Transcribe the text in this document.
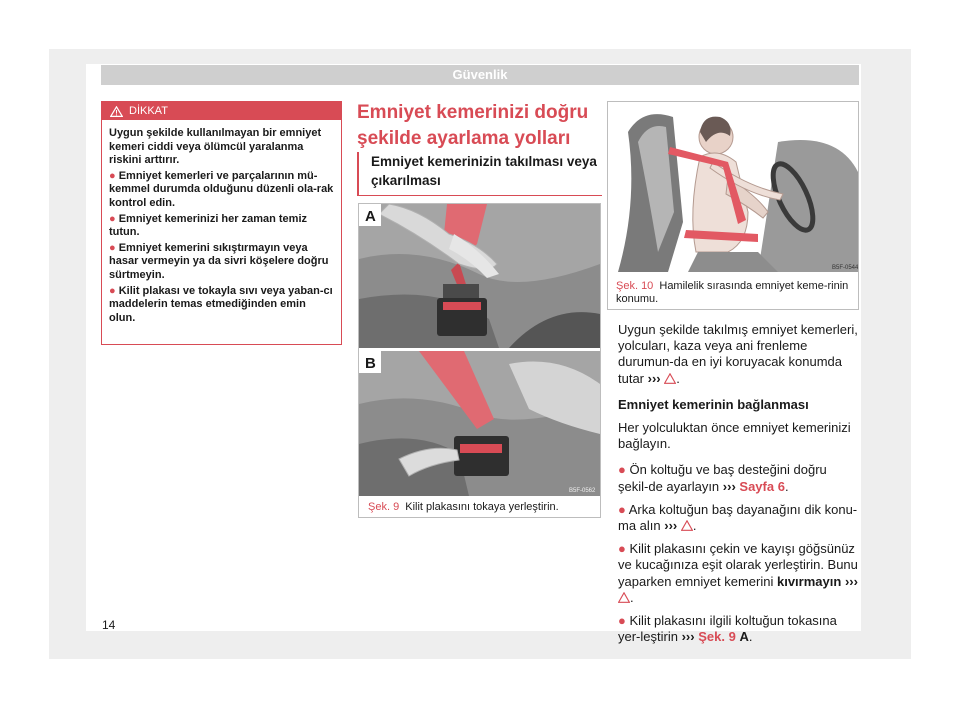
Güvenlik
DİKKAT

Uygun şekilde kullanılmayan bir emniyet kemeri ciddi veya ölümcül yaralanma riskini arttırır.

● Emniyet kemerleri ve parçalarının mü-kemmel durumda olduğunu düzenli ola-rak kontrol edin.

● Emniyet kemerinizi her zaman temiz tutun.

● Emniyet kemerini sıkıştırmayın veya hasar vermeyin ya da sivri köşelere doğru sürtmeyin.

● Kilit plakası ve tokayla sıvı veya yaban-cı maddelerin temas etmediğinden emin olun.

Emniyet kemerinizi doğru şekilde ayarlama yolları
Emniyet kemerinizin takılması veya çıkarılması
A
B
B5F-0562
Şek. 9 Kilit plakasını tokaya yerleştirin.
B5F-0544
Şek. 10 Hamilelik sırasında emniyet keme-rinin konumu.

Uygun şekilde takılmış emniyet kemerleri, yolcuları, kaza veya ani frenleme durumun-da en iyi koruyacak konumda tutar ››› .

Emniyet kemerinin bağlanması

Her yolculuktan önce emniyet kemerinizi bağlayın.

● Ön koltuğu ve baş desteğini doğru şekil-de ayarlayın ››› Sayfa 6.

● Arka koltuğun baş dayanağını dik konu-ma alın ››› .

● Kilit plakasını çekin ve kayışı göğsünüz ve kucağınıza eşit olarak yerleştirin. Bunu yaparken emniyet kemerini kıvırmayın ››› .

● Kilit plakasını ilgili koltuğun tokasına yer-leştirin ››› Şek. 9 A.

14
